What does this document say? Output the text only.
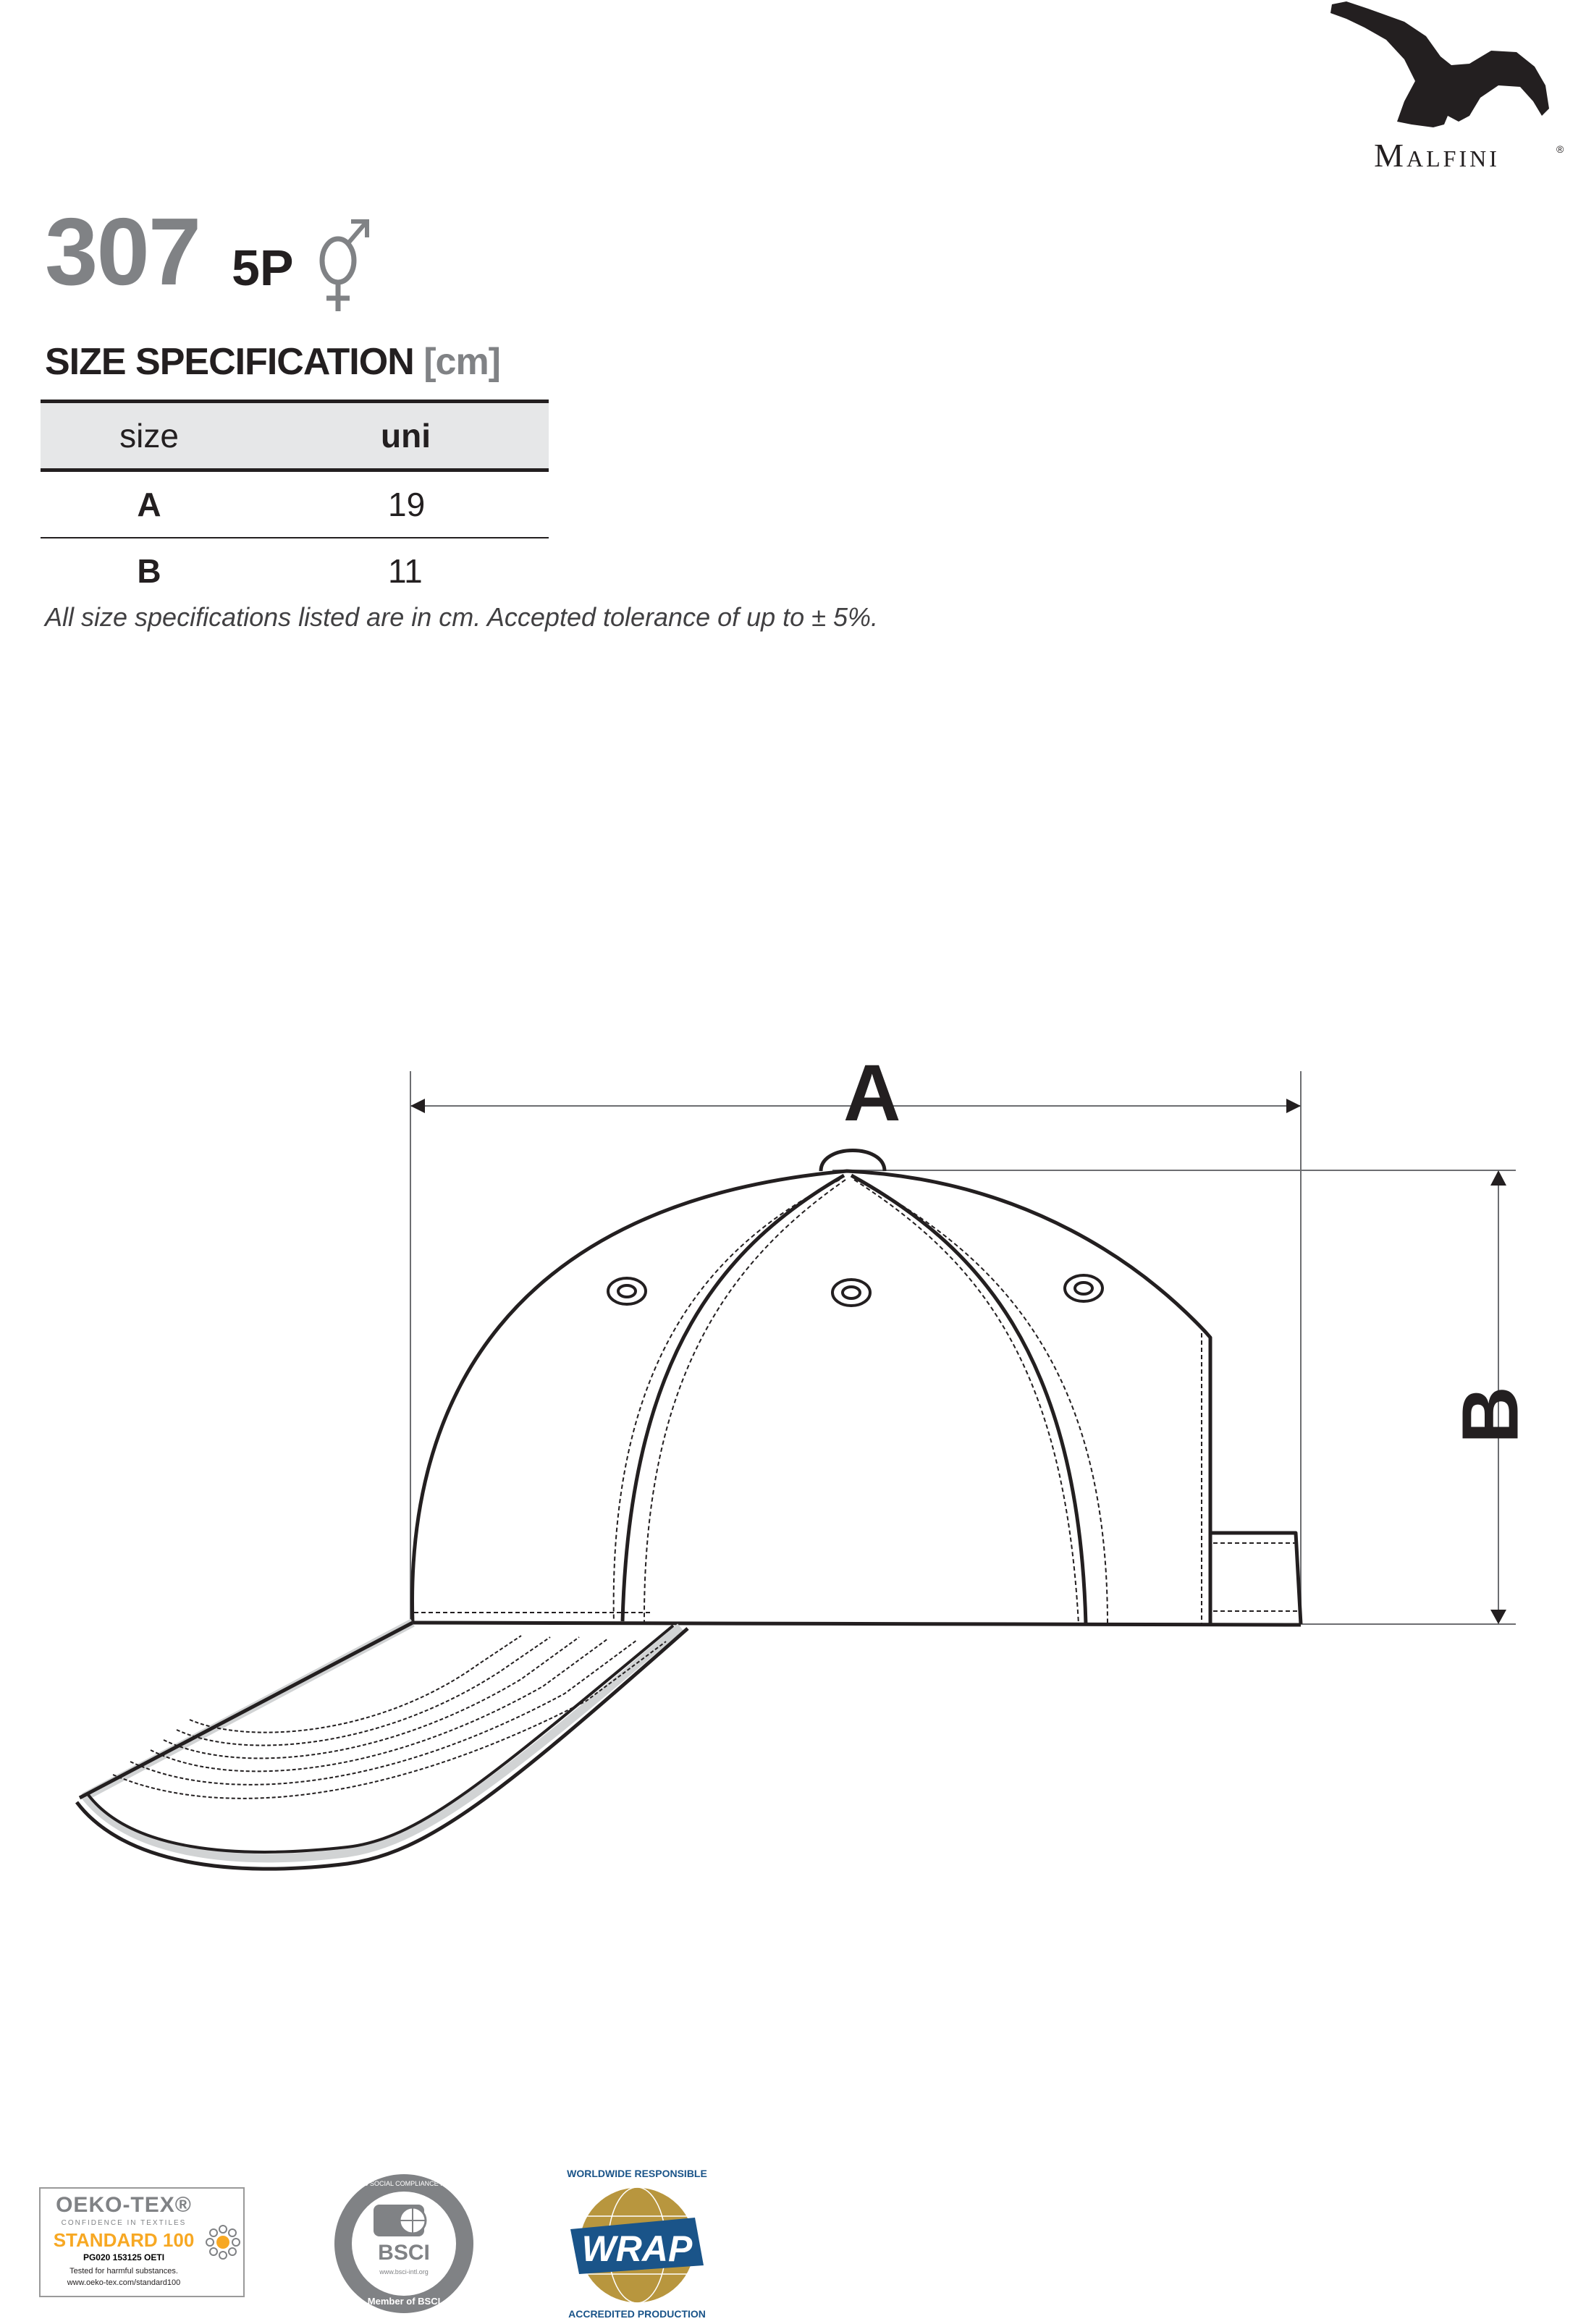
Malfini	®
307 5P
SIZE SPECIFICATION [cm]
size	uni
A	19
B	11
All size specifications listed are in cm. Accepted tolerance of up to ± 5%.
A
B
OEKO-TEX®
CONFIDENCE IN TEXTILES
STANDARD 100
PG020 153125 OETI
Tested for harmful substances.
www.oeko-tex.com/standard100
BSCI
www.bsci-intl.org
Member of BSCI
BUSINESS SOCIAL COMPLIANCE INITIATIVE
WRAP
WORLDWIDE RESPONSIBLE
ACCREDITED PRODUCTION
